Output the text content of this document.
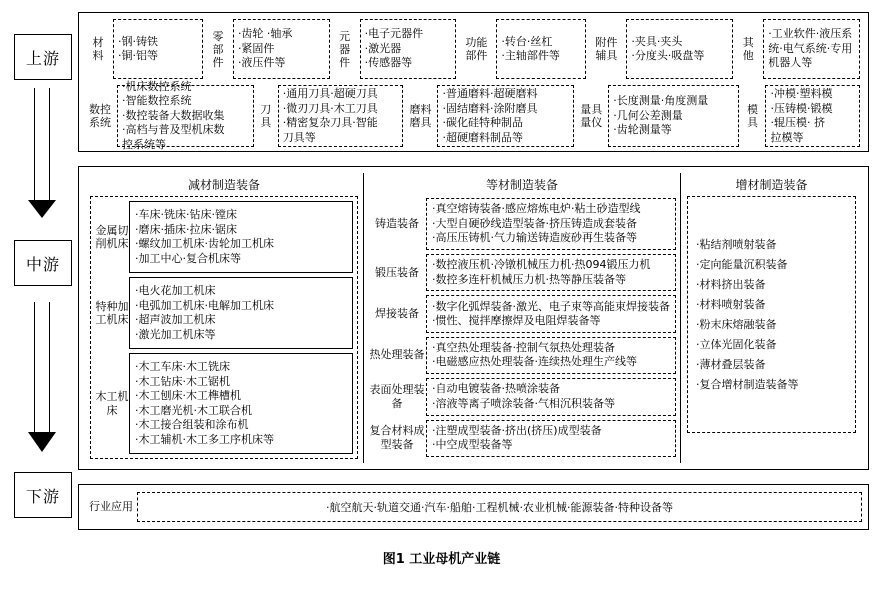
上游
中游
下游
材料
·钢·铸铁
·铜·铝等
零部件
·齿轮 ·轴承
·紧固件
·液压件等
元器件
·电子元器件
·激光器
·传感器等
功能部件
·转台·丝杠
·主轴部件等
附件辅具
·夹具·夹头
·分度头·吸盘等
其他
·工业软件·液压系
统·电气系统·专用
机器人等
数控系统
·机床数控系统
·智能数控系统
·数控装备大数据收集
·高档与普及型机床数
控系统等
刀具
·通用刀具·超硬刀具
·微刃刀具·木工刀具
·精密复杂刀具·智能
刀具等
磨料磨具
·普通磨料·超硬磨料
·固结磨料·涂附磨具
·碳化硅特种制品
·超硬磨料制品等
量具量仪
·长度测量·角度测量
·几何公差测量
·齿轮测量等
模具
·冲模·塑料模
·压铸模·锻模
·辊压模· 挤
拉模等
减材制造装备
金属切削机床
·车床·铣床·钻床·镗床
·磨床·插床·拉床·锯床
·螺纹加工机床·齿轮加工机床
·加工中心·复合机床等
特种加工机床
·电火花加工机床
·电弧加工机床·电解加工机床
·超声波加工机床
·激光加工机床等
木工机床
·木工车床·木工铣床
·木工钻床·木工锯机
·木工刨床·木工榫槽机
·木工磨光机·木工联合机
·木工接合组装和涂布机
·木工辅机·木工多工序机床等
等材制造装备
铸造装备
·真空熔铸装备·感应熔炼电炉·粘土砂造型线
·大型自硬砂线造型装备·挤压铸造成套装备
·高压压铸机·气力输送铸造废砂再生装备等
锻压装备
·数控液压机·冷镦机械压力机·热094锻压力机
·数控多连杆机械压力机·热等静压装备等
焊接装备
·数字化弧焊装备·激光、电子束等高能束焊接装备
·惯性、搅拌摩擦焊及电阻焊装备等
热处理装备
·真空热处理装备·控制气氛热处理装备
·电磁感应热处理装备·连续热处理生产线等
表面处理装备
·自动电镀装备·热喷涂装备
·溶液等离子喷涂装备·气相沉积装备等
复合材料成型装备
·注塑成型装备·挤出(挤压)成型装备
·中空成型装备等
增材制造装备
·粘结剂喷射装备
·定向能量沉积装备
·材料挤出装备
·材料喷射装备
·粉末床熔融装备
·立体光固化装备
·薄材叠层装备
·复合增材制造装备等
行业应用	·航空航天·轨道交通·汽车·船舶·工程机械·农业机械·能源装备·特种设备等
图1 工业母机产业链
